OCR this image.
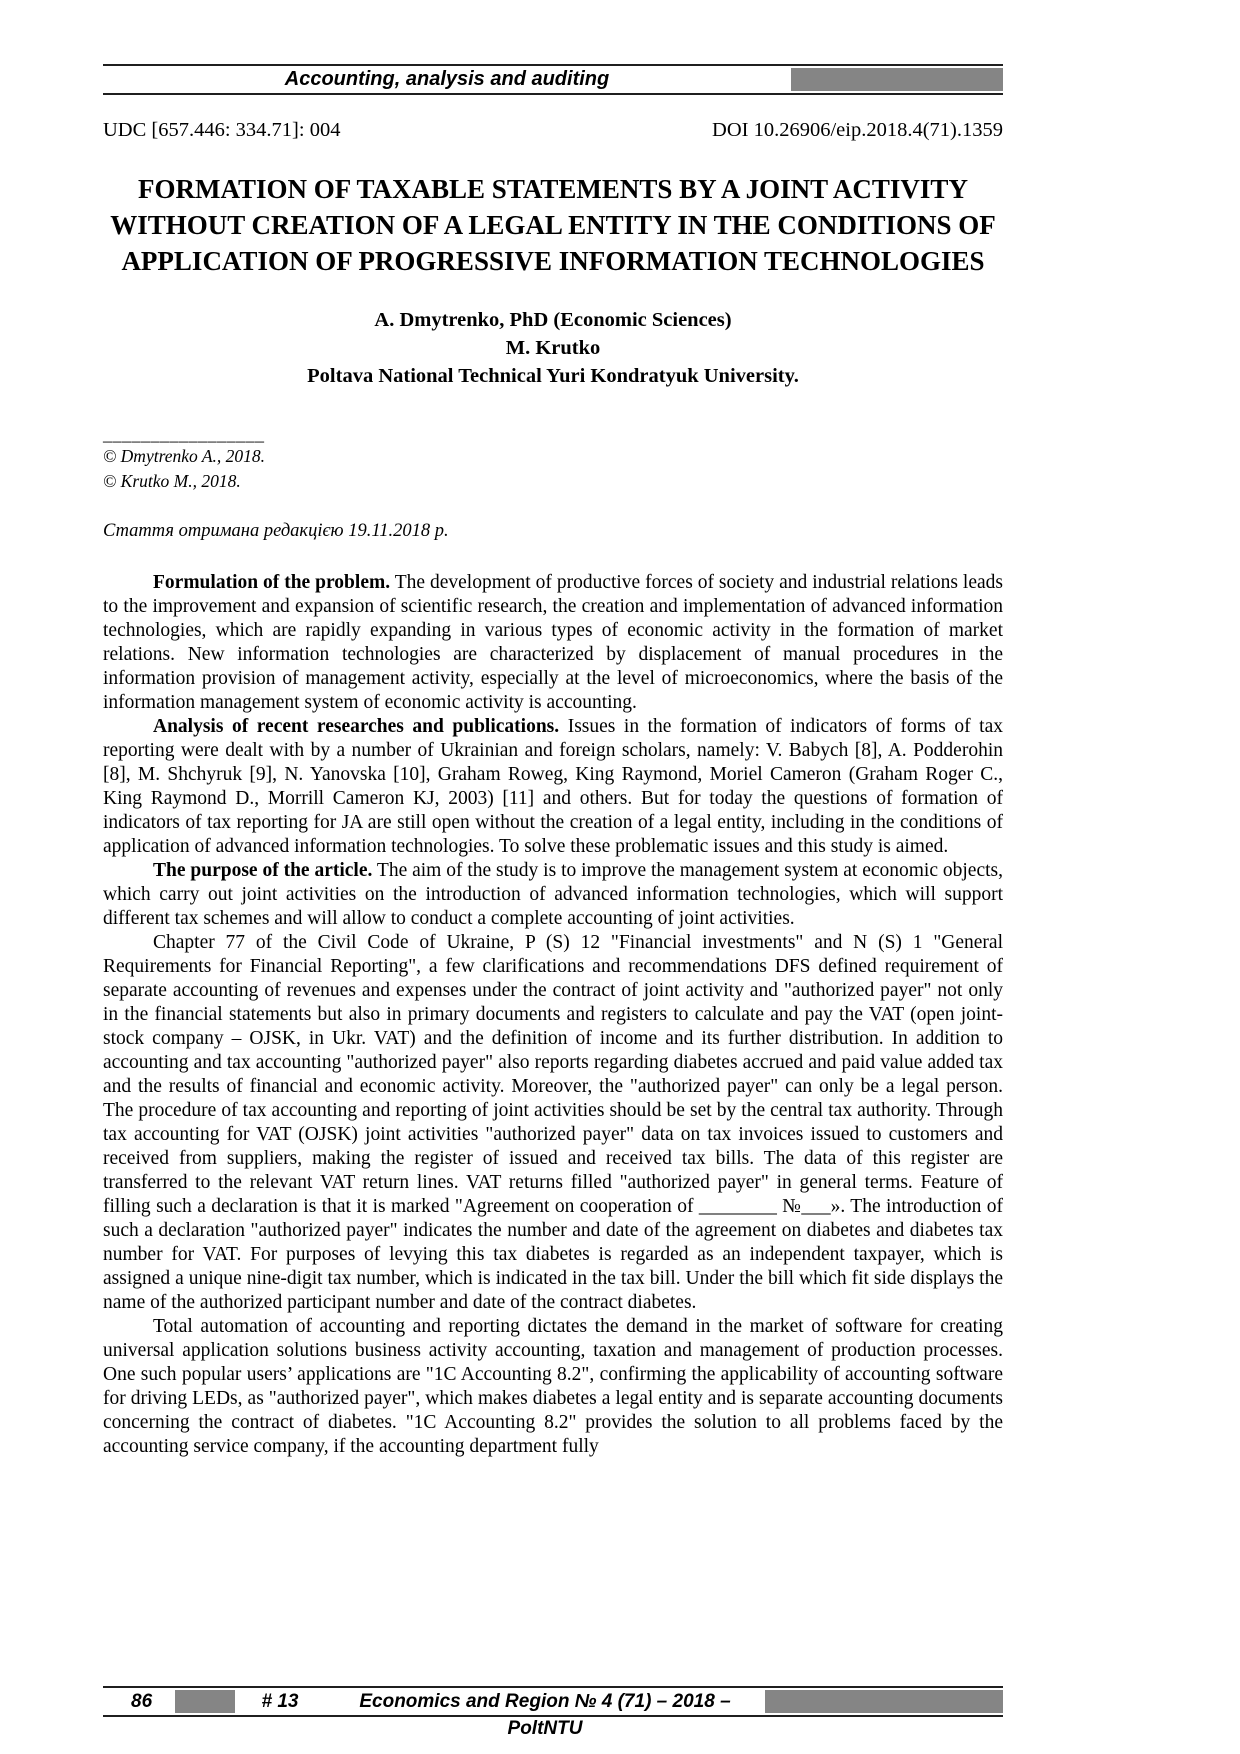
Accounting, analysis and auditing
UDC [657.446: 334.71]: 004	DOI 10.26906/eip.2018.4(71).1359
FORMATION OF TAXABLE STATEMENTS BY A JOINT ACTIVITY WITHOUT CREATION OF A LEGAL ENTITY IN THE CONDITIONS OF APPLICATION OF PROGRESSIVE INFORMATION TECHNOLOGIES
A. Dmytrenko, PhD (Economic Sciences)
M. Krutko
Poltava National Technical Yuri Kondratyuk University.
_________________
© Dmytrenko A., 2018.
© Krutko M., 2018.
Стаття отримана редакцією 19.11.2018 р.

Formulation of the problem. The development of productive forces of society and industrial relations leads to the improvement and expansion of scientific research, the creation and implementation of advanced information technologies, which are rapidly expanding in various types of economic activity in the formation of market relations. New information technologies are characterized by displacement of manual procedures in the information provision of management activity, especially at the level of microeconomics, where the basis of the information management system of economic activity is accounting.

Analysis of recent researches and publications. Issues in the formation of indicators of forms of tax reporting were dealt with by a number of Ukrainian and foreign scholars, namely: V. Babych [8], A. Podderohin [8], M. Shchyruk [9], N. Yanovska [10], Graham Roweg, King Raymond, Moriel Cameron (Graham Roger C., King Raymond D., Morrill Cameron KJ, 2003) [11] and others. But for today the questions of formation of indicators of tax reporting for JA are still open without the creation of a legal entity, including in the conditions of application of advanced information technologies. To solve these problematic issues and this study is aimed.

The purpose of the article. The aim of the study is to improve the management system at economic objects, which carry out joint activities on the introduction of advanced information technologies, which will support different tax schemes and will allow to conduct a complete accounting of joint activities.

Chapter 77 of the Civil Code of Ukraine, P (S) 12 "Financial investments" and N (S) 1 "General Requirements for Financial Reporting", a few clarifications and recommendations DFS defined requirement of separate accounting of revenues and expenses under the contract of joint activity and "authorized payer" not only in the financial statements but also in primary documents and registers to calculate and pay the VAT (open joint-stock company – OJSK, in Ukr. VAT) and the definition of income and its further distribution. In addition to accounting and tax accounting "authorized payer" also reports regarding diabetes accrued and paid value added tax and the results of financial and economic activity. Moreover, the "authorized payer" can only be a legal person. The procedure of tax accounting and reporting of joint activities should be set by the central tax authority. Through tax accounting for VAT (OJSK) joint activities "authorized payer" data on tax invoices issued to customers and received from suppliers, making the register of issued and received tax bills. The data of this register are transferred to the relevant VAT return lines. VAT returns filled "authorized payer" in general terms. Feature of filling such a declaration is that it is marked "Agreement on cooperation of ________ №___». The introduction of such a declaration "authorized payer" indicates the number and date of the agreement on diabetes and diabetes tax number for VAT. For purposes of levying this tax diabetes is regarded as an independent taxpayer, which is assigned a unique nine-digit tax number, which is indicated in the tax bill. Under the bill which fit side displays the name of the authorized participant number and date of the contract diabetes.

Total automation of accounting and reporting dictates the demand in the market of software for creating universal application solutions business activity accounting, taxation and management of production processes. One such popular users’ applications are "1C Accounting 8.2", confirming the applicability of accounting software for driving LEDs, as "authorized payer", which makes diabetes a legal entity and is separate accounting documents concerning the contract of diabetes. "1C Accounting 8.2" provides the solution to all problems faced by the accounting service company, if the accounting department fully

86	# 13	Economics and Region № 4 (71) – 2018 – PoltNTU
